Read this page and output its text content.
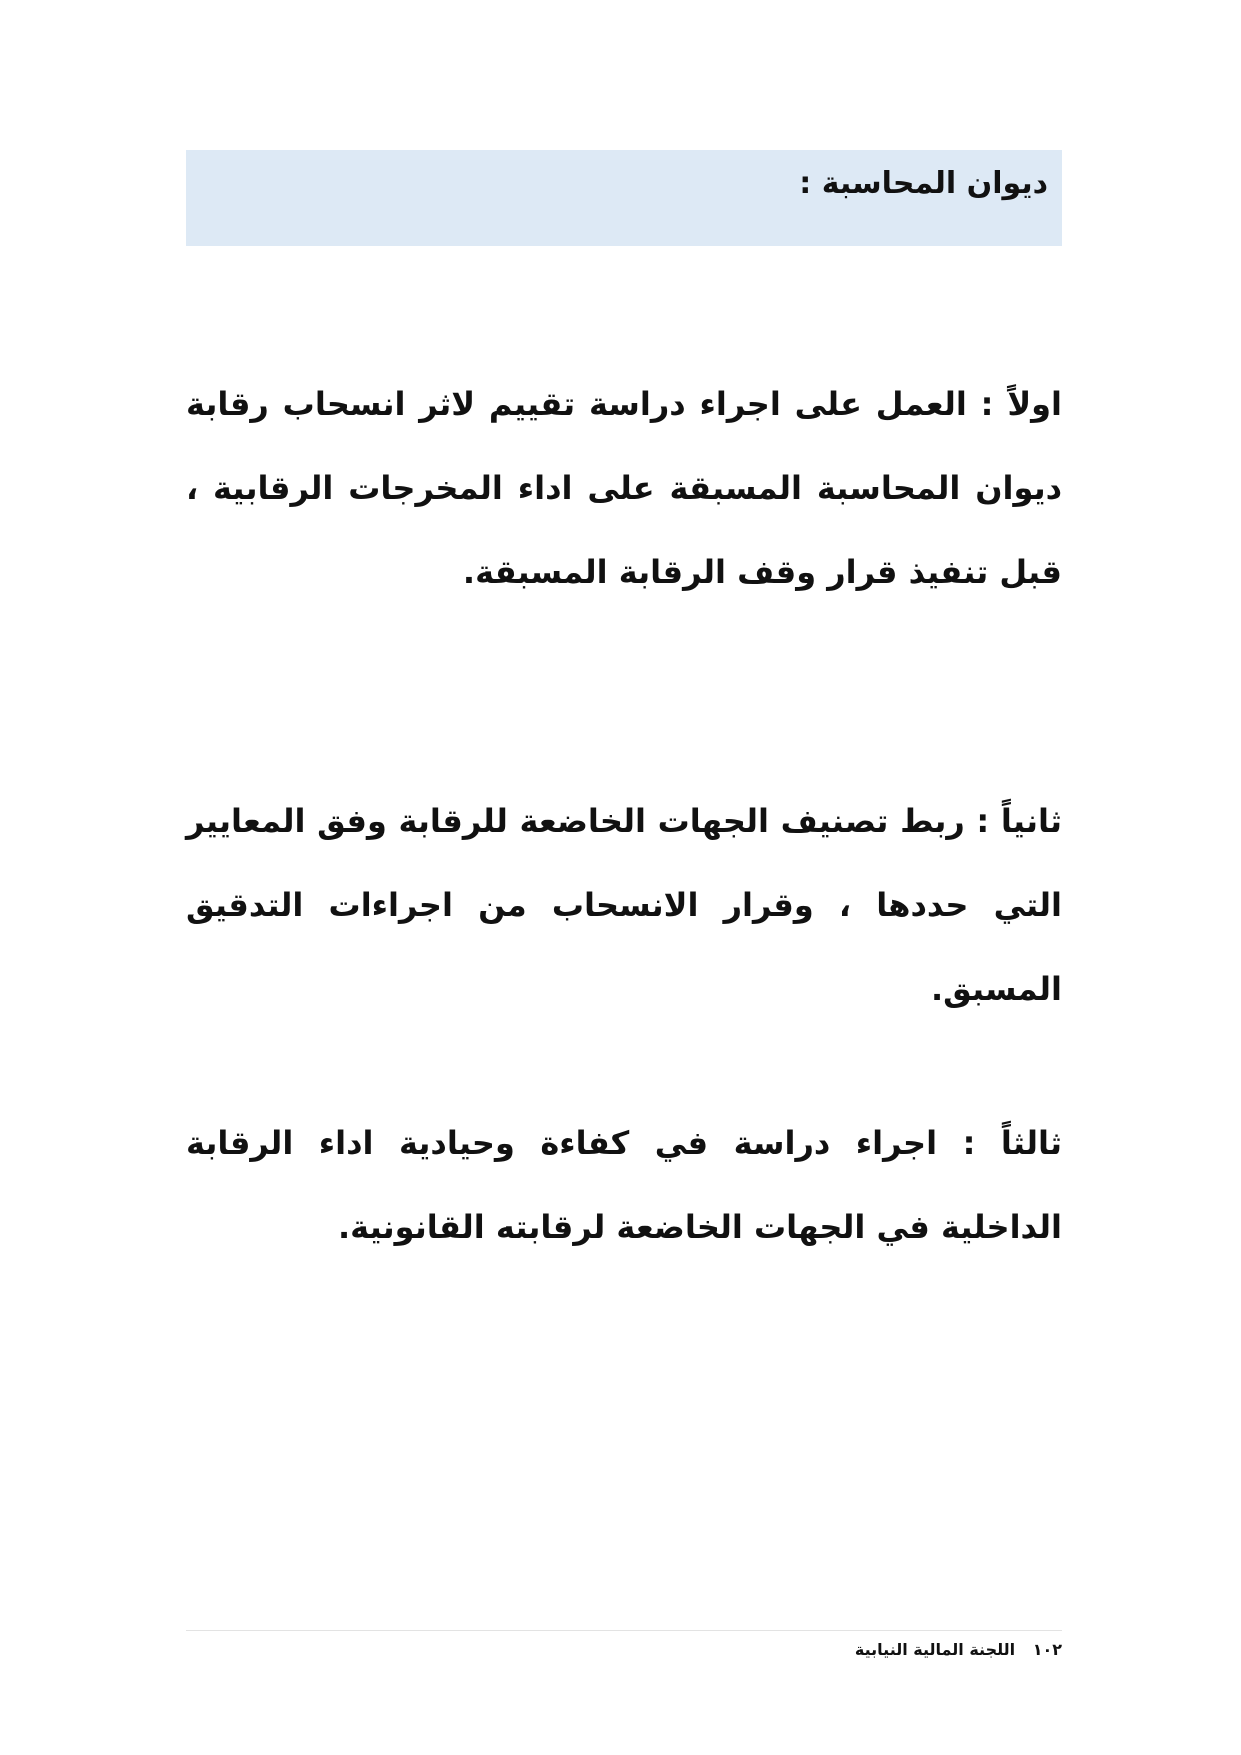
ديوان المحاسبة :

اولاً : العمل على اجراء دراسة تقييم لاثر انسحاب رقابة ديوان المحاسبة المسبقة على اداء المخرجات الرقابية ، قبل تنفيذ قرار وقف الرقابة المسبقة.

ثانياً : ربط تصنيف الجهات الخاضعة للرقابة وفق المعايير التي حددها ، وقرار الانسحاب من اجراءات التدقيق المسبق.

ثالثاً : اجراء دراسة في كفاءة وحيادية اداء الرقابة الداخلية في الجهات الخاضعة لرقابته القانونية.

١٠٢ اللجنة المالية النيابية
